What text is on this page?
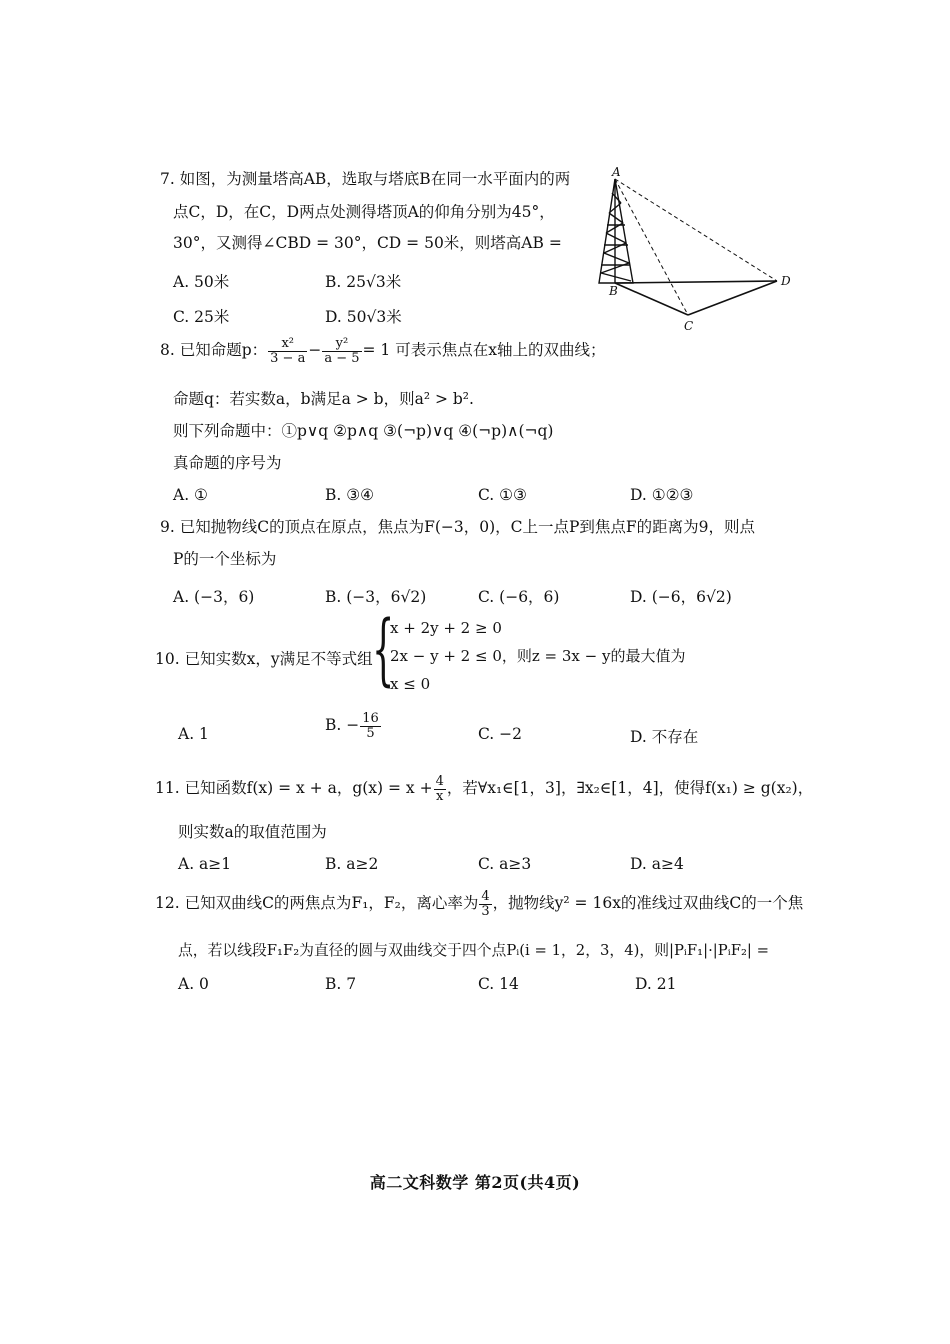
7. 如图，为测量塔高AB，选取与塔底B在同一水平面内的两
点C，D，在C，D两点处测得塔顶A的仰角分别为45°，
30°，又测得∠CBD = 30°，CD = 50米，则塔高AB =
A. 50米	B. 25√3米
C. 25米	D. 50√3米
A
B
C
D
8. 已知命题p： $\frac{\text{x²}}{3 - a} - \frac{\text{y²}}{a - 5} = 1$ 可表示焦点在x轴上的双曲线；
命题q：若实数a，b满足a > b，则a² > b².
则下列命题中：①p∨q ②p∧q ③(¬p)∨q ④(¬p)∧(¬q)
真命题的序号为
A. ①	B. ③④	C. ①③	D. ①②③
9. 已知抛物线C的顶点在原点，焦点为F(−3，0)，C上一点P到焦点F的距离为9，则点
P的一个坐标为
A. (−3，6)	B. (−3，6√2)	C. (−6，6)	D. (−6，6√2)
10. 已知实数x，y满足不等式组 {
x + 2y + 2 ≥ 0
2x − y + 2 ≤ 0，则z = 3x − y的最大值为
x ≤ 0
A. 1	B. − $\frac{16}{5}$	C. −2	D. 不存在
11. 已知函数f(x) = x + a，$g(x) = x + \frac{4}{x}$ ，若∀x₁∈[1，3]，∃x₂∈[1，4]，使得f(x₁) ≥ g(x₂)，
则实数a的取值范围为
A. a≥1	B. a≥2	C. a≥3	D. a≥4
12. 已知双曲线C的两焦点为F₁，F₂，离心率为 $\frac{4}{3}$ ，抛物线y² = 16x的准线过双曲线C的一个焦
点，若以线段F₁F₂为直径的圆与双曲线交于四个点Pᵢ(i = 1，2，3，4)，则|PᵢF₁|·|PᵢF₂| =
A. 0	B. 7	C. 14	D. 21
高二文科数学 第2页(共4页)
